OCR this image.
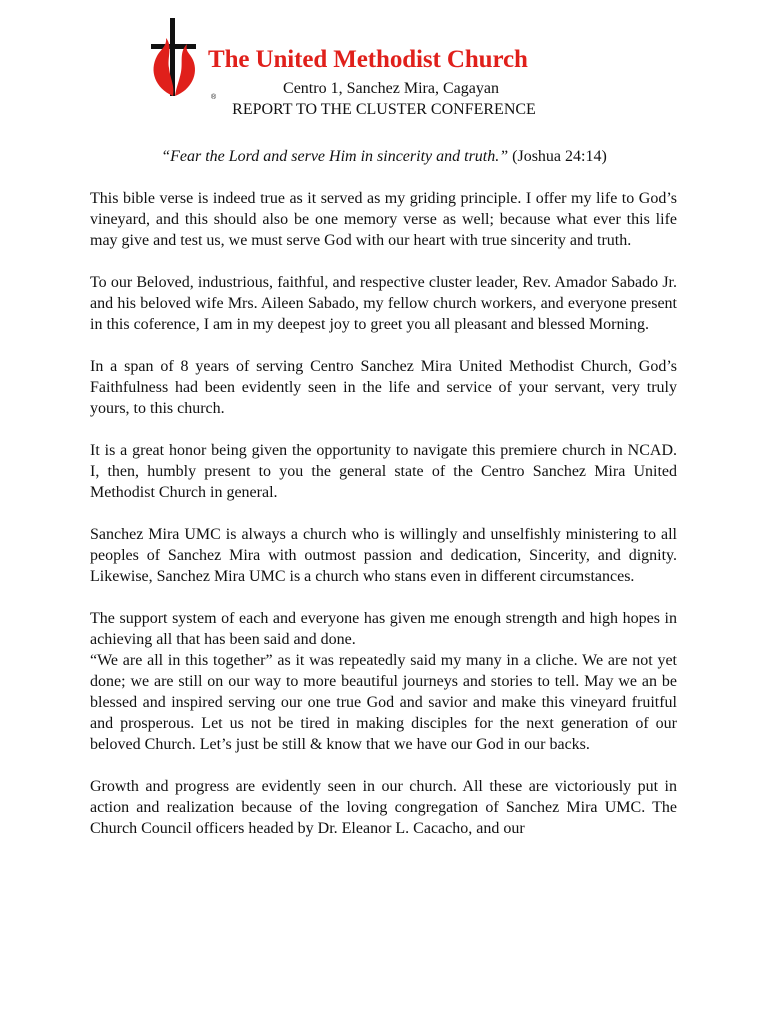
®
The United Methodist Church
Centro 1, Sanchez Mira, Cagayan
REPORT TO THE CLUSTER CONFERENCE
“Fear the Lord and serve Him in sincerity and truth.” (Joshua 24:14)

This bible verse is indeed true as it served as my griding principle. I offer my life to God’s vineyard, and this should also be one memory verse as well; because what ever this life may give and test us, we must serve God with our heart with true sincerity and truth.

To our Beloved, industrious, faithful, and respective cluster leader, Rev. Amador Sabado Jr. and his beloved wife Mrs. Aileen Sabado, my fellow church workers, and everyone present in this coference, I am in my deepest joy to greet you all pleasant and blessed Morning.

In a span of 8 years of serving Centro Sanchez Mira United Methodist Church, God’s Faithfulness had been evidently seen in the life and service of your servant, very truly yours, to this church.

It is a great honor being given the opportunity to navigate this premiere church in NCAD. I, then, humbly present to you the general state of the Centro Sanchez Mira United Methodist Church in general.

Sanchez Mira UMC is always a church who is willingly and unselfishly ministering to all peoples of Sanchez Mira with outmost passion and dedication, Sincerity, and dignity. Likewise, Sanchez Mira UMC is a church who stans even in different circumstances.

The support system of each and everyone has given me enough strength and high hopes in achieving all that has been said and done.

“We are all in this together” as it was repeatedly said my many in a cliche. We are not yet done; we are still on our way to more beautiful journeys and stories to tell. May we an be blessed and inspired serving our one true God and savior and make this vineyard fruitful and prosperous. Let us not be tired in making disciples for the next generation of our beloved Church. Let’s just be still & know that we have our God in our backs.

Growth and progress are evidently seen in our church. All these are victoriously put in action and realization because of the loving congregation of Sanchez Mira UMC. The Church Council officers headed by Dr. Eleanor L. Cacacho, and our
